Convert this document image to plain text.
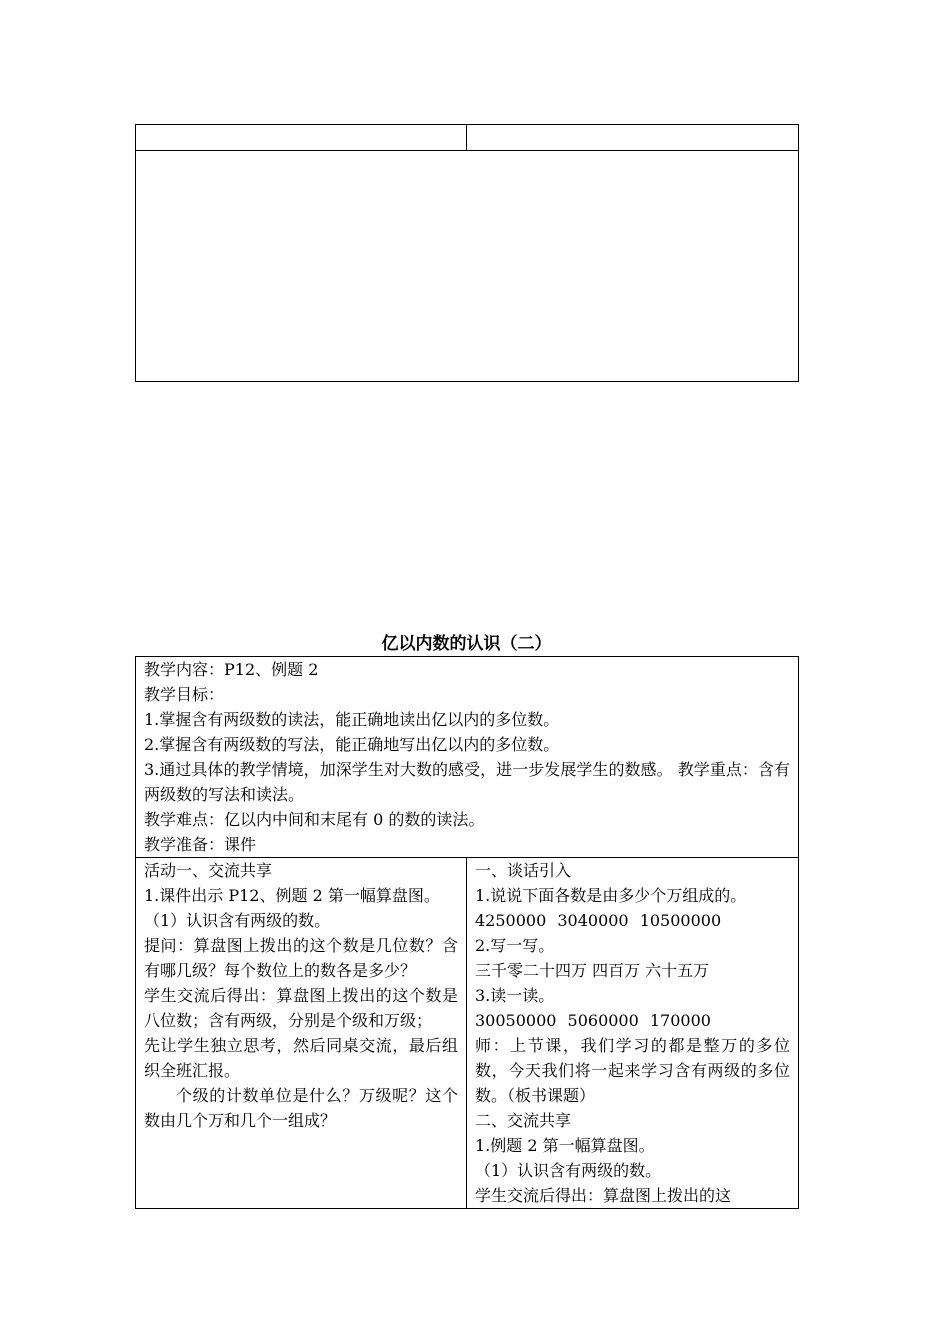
亿以内数的认识（二）
教学内容：P12、例题 2
教学目标：
1.掌握含有两级数的读法，能正确地读出亿以内的多位数。
2.掌握含有两级数的写法，能正确地写出亿以内的多位数。
3.通过具体的教学情境，加深学生对大数的感受，进一步发展学生的数感。 教学重点：含有两级数的写法和读法。
教学难点：亿以内中间和末尾有 0 的数的读法。
教学准备：课件

活动一、交流共享
1.课件出示 P12、例题 2 第一幅算盘图。
（1）认识含有两级的数。
提问：算盘图上拨出的这个数是几位数？含有哪几级？每个数位上的数各是多少？
学生交流后得出：算盘图上拨出的这个数是八位数；含有两级，分别是个级和万级；
先让学生独立思考，然后同桌交流，最后组织全班汇报。
个级的计数单位是什么？万级呢？这个数由几个万和几个一组成？

一、谈话引入
1.说说下面各数是由多少个万组成的。
4250000 3040000 10500000
2.写一写。
三千零二十四万 四百万 六十五万
3.读一读。
30050000 5060000 170000
师：上节课，我们学习的都是整万的多位数，今天我们将一起来学习含有两级的多位数。（板书课题）
二、交流共享
1.例题 2 第一幅算盘图。
（1）认识含有两级的数。
学生交流后得出：算盘图上拨出的这
